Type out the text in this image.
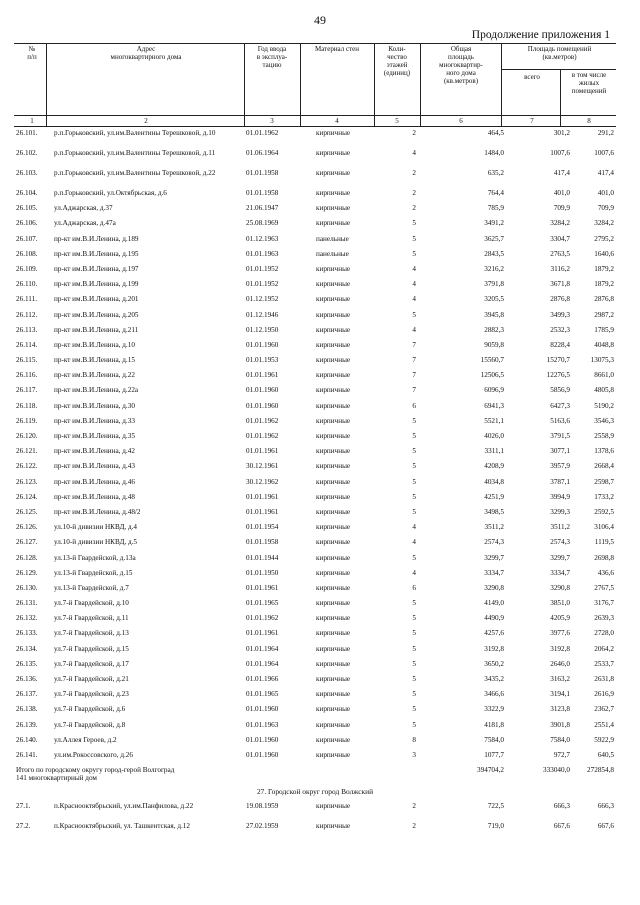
49
Продолжение приложения 1
№
п/п
Адрес
многоквартирного дома
Год ввода
в эксплуа-
тацию
Материал стен	Коли-
чество
этажей
(единиц)
Общая
площадь
многоквартир-
ного дома
(кв.метров)
Площадь помещений
(кв.метров)
всего	в том числе
жилых
помещений
1	2	3	4	5	6	7	8
26.101. р.п.Горьковский, ул.им.Валентины Терешковой, д.10	01.01.1962	кирпичные	2	464,5	301,2	291,2
26.102. р.п.Горьковский, ул.им.Валентины Терешковой, д.11	01.06.1964	кирпичные	4	1484,0	1007,6	1007,6
26.103. р.п.Горьковский, ул.им.Валентины Терешковой, д.22	01.01.1958	кирпичные	2	635,2	417,4	417,4
26.104. р.п.Горьковский, ул.Октябрьская, д.6	01.01.1958	кирпичные	2	764,4	401,0	401,0
26.105. ул.Аджарская, д.37	21.06.1947	кирпичные	2	785,9	709,9	709,9
26.106. ул.Аджарская, д.47а	25.08.1969	кирпичные	5	3491,2	3284,2	3284,2
26.107. пр-кт им.В.И.Ленина, д.189	01.12.1963	панельные	5	3625,7	3304,7	2795,2
26.108. пр-кт им.В.И.Ленина, д.195	01.01.1963	панельные	5	2843,5	2763,5	1640,6
26.109. пр-кт им.В.И.Ленина, д.197	01.01.1952	кирпичные	4	3216,2	3116,2	1879,2
26.110. пр-кт им.В.И.Ленина, д.199	01.01.1952	кирпичные	4	3791,8	3671,8	1879,2
26.111. пр-кт им.В.И.Ленина, д.201	01.12.1952	кирпичные	4	3205,5	2876,8	2876,8
26.112. пр-кт им.В.И.Ленина, д.205	01.12.1946	кирпичные	5	3945,8	3499,3	2987,2
26.113. пр-кт им.В.И.Ленина, д.211	01.12.1950	кирпичные	4	2882,3	2532,3	1785,9
26.114. пр-кт им.В.И.Ленина, д.10	01.01.1960	кирпичные	7	9059,8	8228,4	4048,8
26.115. пр-кт им.В.И.Ленина, д.15	01.01.1953	кирпичные	7	15560,7	15270,7	13075,3
26.116. пр-кт им.В.И.Ленина, д.22	01.01.1961	кирпичные	7	12506,5	12276,5	8661,0
26.117. пр-кт им.В.И.Ленина, д.22а	01.01.1960	кирпичные	7	6096,9	5856,9	4805,8
26.118. пр-кт им.В.И.Ленина, д.30	01.01.1960	кирпичные	6	6941,3	6427,3	5190,2
26.119. пр-кт им.В.И.Ленина, д.33	01.01.1962	кирпичные	5	5521,1	5163,6	3546,3
26.120. пр-кт им.В.И.Ленина, д.35	01.01.1962	кирпичные	5	4026,0	3791,5	2558,9
26.121. пр-кт им.В.И.Ленина, д.42	01.01.1961	кирпичные	5	3311,1	3077,1	1378,6
26.122. пр-кт им.В.И.Ленина, д.43	30.12.1961	кирпичные	5	4208,9	3957,9	2668,4
26.123. пр-кт им.В.И.Ленина, д.46	30.12.1962	кирпичные	5	4034,8	3787,1	2598,7
26.124. пр-кт им.В.И.Ленина, д.48	01.01.1961	кирпичные	5	4251,9	3994,9	1733,2
26.125. пр-кт им.В.И.Ленина, д.48/2	01.01.1961	кирпичные	5	3498,5	3299,3	2592,5
26.126. ул.10-й дивизии НКВД, д.4	01.01.1954	кирпичные	4	3511,2	3511,2	3106,4
26.127. ул.10-й дивизии НКВД, д.5	01.01.1958	кирпичные	4	2574,3	2574,3	1119,5
26.128. ул.13-й Гвардейской, д.13а	01.01.1944	кирпичные	5	3299,7	3299,7	2698,8
26.129. ул.13-й Гвардейской, д.15	01.01.1950	кирпичные	4	3334,7	3334,7	436,6
26.130. ул.13-й Гвардейской, д.7	01.01.1961	кирпичные	6	3290,8	3290,8	2767,5
26.131. ул.7-й Гвардейской, д.10	01.01.1965	кирпичные	5	4149,0	3851,0	3176,7
26.132. ул.7-й Гвардейской, д.11	01.01.1962	кирпичные	5	4490,9	4205,9	2639,3
26.133. ул.7-й Гвардейской, д.13	01.01.1961	кирпичные	5	4257,6	3977,6	2728,0
26.134. ул.7-й Гвардейской, д.15	01.01.1964	кирпичные	5	3192,8	3192,8	2064,2
26.135. ул.7-й Гвардейской, д.17	01.01.1964	кирпичные	5	3650,2	2646,0	2533,7
26.136. ул.7-й Гвардейской, д.21	01.01.1966	кирпичные	5	3435,2	3163,2	2631,8
26.137. ул.7-й Гвардейской, д.23	01.01.1965	кирпичные	5	3466,6	3194,1	2616,9
26.138. ул.7-й Гвардейской, д.6	01.01.1960	кирпичные	5	3322,9	3123,8	2362,7
26.139. ул.7-й Гвардейской, д.8	01.01.1963	кирпичные	5	4181,8	3901,8	2551,4
26.140. ул.Аллея Героев, д.2	01.01.1960	кирпичные	8	7584,0	7584,0	5922,9
26.141. ул.им.Рокоссовского, д.26	01.01.1960	кирпичные	3	1077,7	972,7	640,5
Итого по городскому округу город-герой Волгоград
141 многоквартирный дом
394704,2	333040,0	272854,8
27. Городской округ город Волжский
27.1.	п.Краснооктябрьский, ул.им.Панфилова, д.22	19.08.1959	кирпичные	2	722,5	666,3	666,3
27.2.	п.Краснооктябрьский, ул. Ташкентская, д.12	27.02.1959	кирпичные	2	719,0	667,6	667,6
